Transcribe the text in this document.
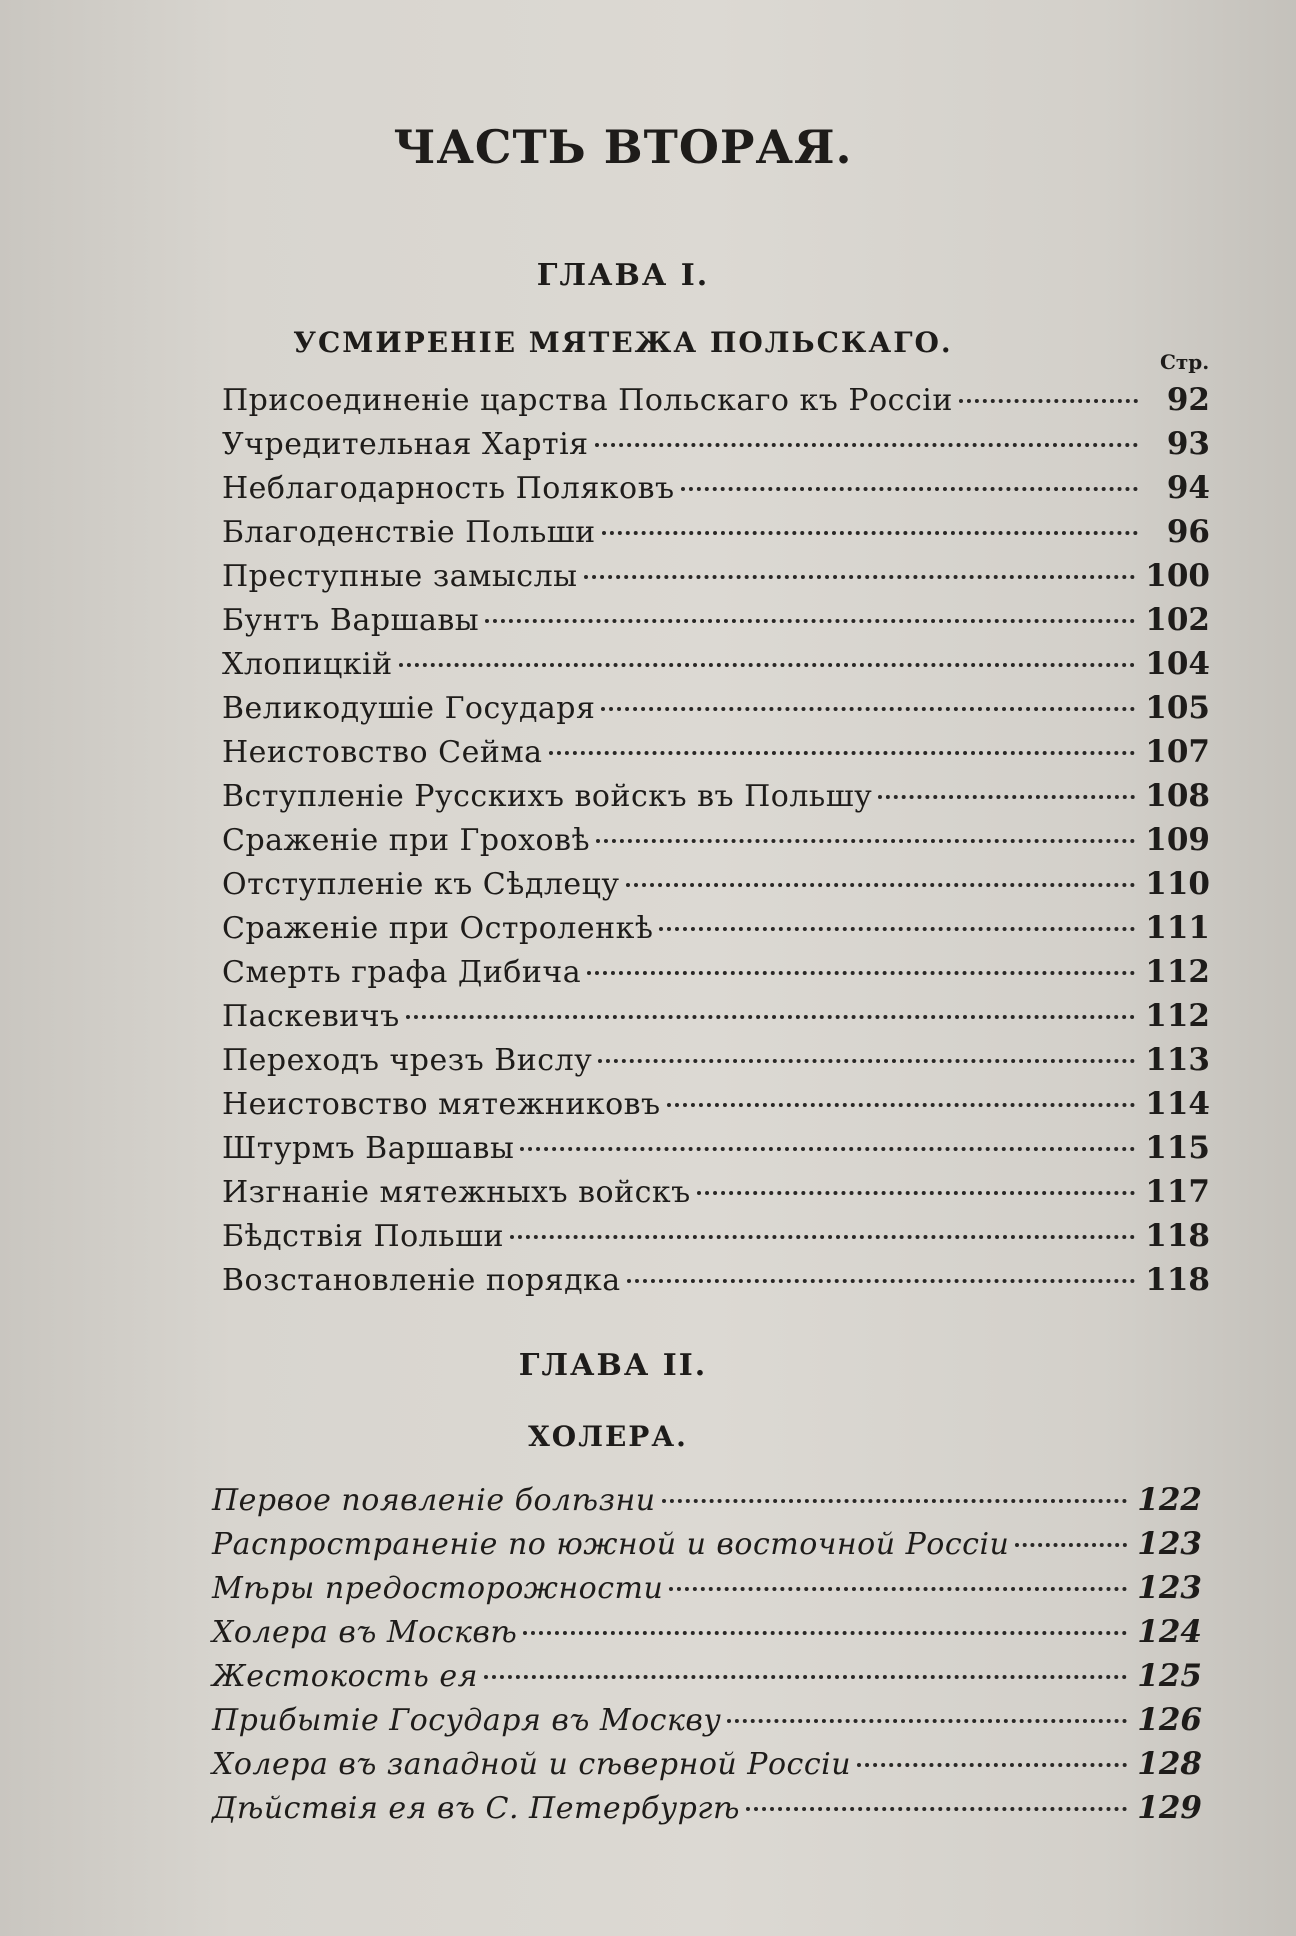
ЧАСТЬ ВТОРАЯ.
ГЛАВА I.
УСМИРЕНІЕ МЯТЕЖА ПОЛЬСКАГО.
Стр.
Присоединеніе царства Польскаго къ Россіи	92
Учредительная Хартія	93
Неблагодарность Поляковъ	94
Благоденствіе Польши	96
Преступные замыслы	100
Бунтъ Варшавы	102
Хлопицкій	104
Великодушіе Государя	105
Неистовство Сейма	107
Вступленіе Русскихъ войскъ въ Польшу	108
Сраженіе при Гроховѣ	109
Отступленіе къ Сѣдлецу	110
Сраженіе при Остроленкѣ	111
Смерть графа Дибича	112
Паскевичъ	112
Переходъ чрезъ Вислу	113
Неистовство мятежниковъ	114
Штурмъ Варшавы	115
Изгнаніе мятежныхъ войскъ	117
Бѣдствія Польши	118
Возстановленіе порядка	118
ГЛАВА II.
ХОЛЕРА.
Первое появленіе болѣзни	122
Распространеніе по южной и восточной Россіи	123
Мѣры предосторожности	123
Холера въ Москвѣ	124
Жестокость ея	125
Прибытіе Государя въ Москву	126
Холера въ западной и сѣверной Россіи	128
Дѣйствія ея въ С. Петербургѣ	129
